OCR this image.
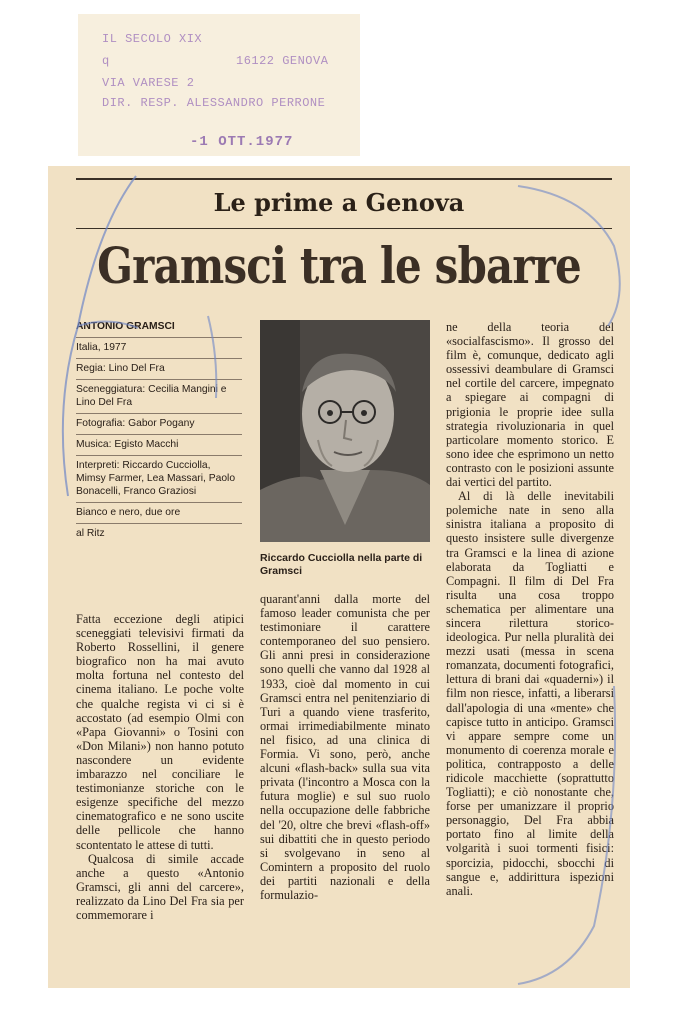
IL SECOLO XIX
q	16122 GENOVA
VIA VARESE 2
DIR. RESP. ALESSANDRO PERRONE
-1 OTT.1977
Le prime a Genova
Gramsci tra le sbarre
ANTONIO GRAMSCI
Italia, 1977
Regia: Lino Del Fra
Sceneggiatura: Cecilia Mangini e Lino Del Fra
Fotografia: Gabor Pogany
Musica: Egisto Macchi
Interpreti: Riccardo Cucciolla, Mimsy Farmer, Lea Massari, Paolo Bonacelli, Franco Graziosi
Bianco e nero, due ore
al Ritz
Riccardo Cucciolla nella parte di Gramsci

Fatta eccezione degli atipici sceneggiati televisivi firmati da Roberto Rossellini, il genere biografico non ha mai avuto molta fortuna nel contesto del cinema italiano. Le poche volte che qualche regista vi ci si è accostato (ad esempio Olmi con «Papa Giovanni» o Tosini con «Don Milani») non hanno potuto nascondere un evidente imbarazzo nel conciliare le testimonianze storiche con le esigenze specifiche del mezzo cinematografico e ne sono uscite delle pellicole che hanno scontentato le attese di tutti.

Qualcosa di simile accade anche a questo «Antonio Gramsci, gli anni del carcere», realizzato da Lino Del Fra sia per commemorare i

quarant'anni dalla morte del famoso leader comunista che per testimoniare il carattere contemporaneo del suo pensiero. Gli anni presi in considerazione sono quelli che vanno dal 1928 al 1933, cioè dal momento in cui Gramsci entra nel penitenziario di Turi a quando viene trasferito, ormai irrimediabilmente minato nel fisico, ad una clinica di Formia. Vi sono, però, anche alcuni «flash-back» sulla sua vita privata (l'incontro a Mosca con la futura moglie) e sul suo ruolo nella occupazione delle fabbriche del '20, oltre che brevi «flash-off» sui dibattiti che in questo periodo si svolgevano in seno al Comintern a proposito del ruolo dei partiti nazionali e della formulazio-

ne della teoria del «socialfascismo». Il grosso del film è, comunque, dedicato agli ossessivi deambulare di Gramsci nel cortile del carcere, impegnato a spiegare ai compagni di prigionia le proprie idee sulla strategia rivoluzionaria in quel particolare momento storico. E sono idee che esprimono un netto contrasto con le posizioni assunte dai vertici del partito.

Al di là delle inevitabili polemiche nate in seno alla sinistra italiana a proposito di questo insistere sulle divergenze tra Gramsci e la linea di azione elaborata da Togliatti e Compagni. Il film di Del Fra risulta una cosa troppo schematica per alimentare una sincera rilettura storico-ideologica. Pur nella pluralità dei mezzi usati (messa in scena romanzata, documenti fotografici, lettura di brani dai «quaderni») il film non riesce, infatti, a liberarsi dall'apologia di una «mente» che capisce tutto in anticipo. Gramsci vi appare sempre come un monumento di coerenza morale e politica, contrapposto a delle ridicole macchiette (soprattutto Togliatti); e ciò nonostante che, forse per umanizzare il proprio personaggio, Del Fra abbia portato fino al limite della volgarità i suoi tormenti fisici: sporcizia, pidocchi, sbocchi di sangue e, addirittura ispezioni anali.
